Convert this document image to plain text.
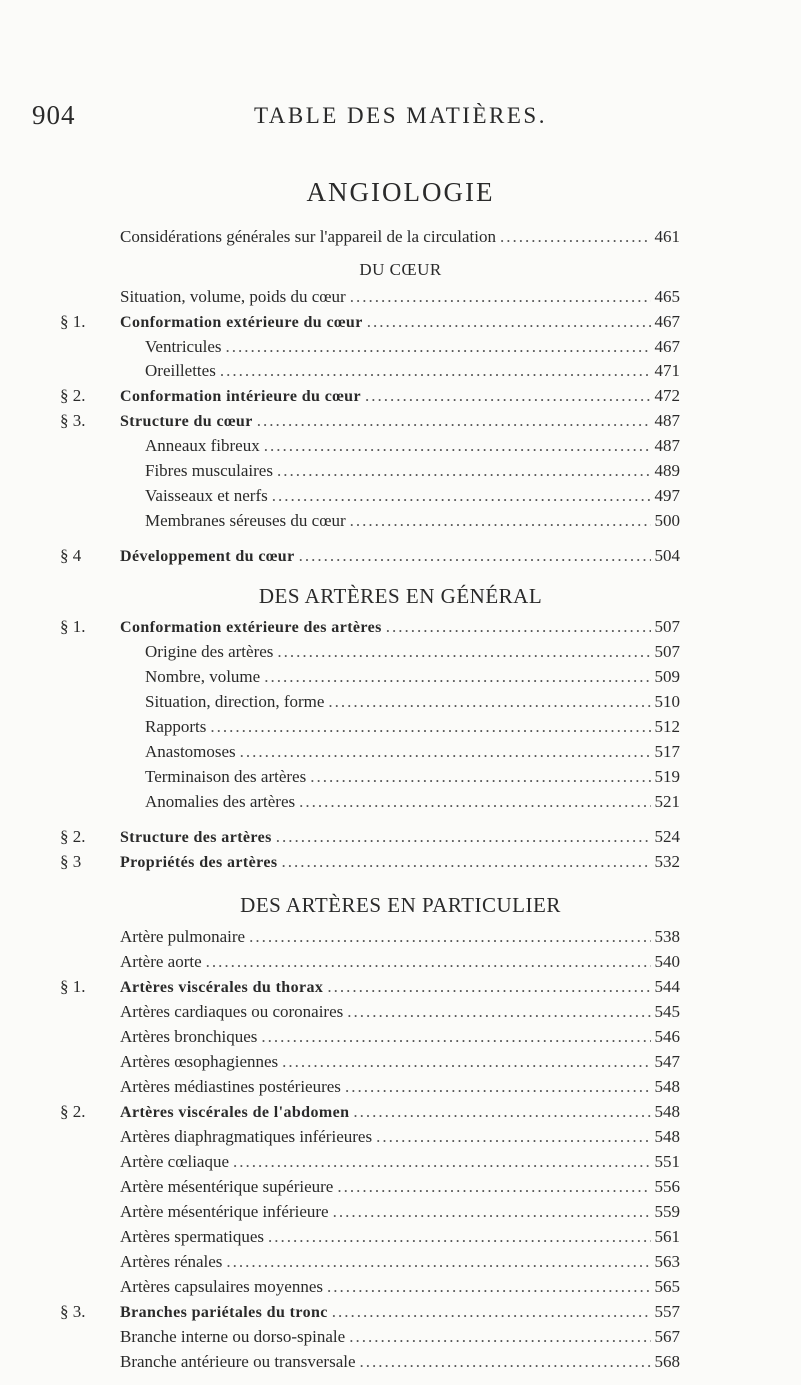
904	TABLE DES MATIÈRES.
ANGIOLOGIE
Considérations générales sur l'appareil de la circulation .....	461
Situation, volume, poids du cœur .....	465
§ 1.	Conformation extérieure du cœur .....	467
Ventricules .....	467
Oreillettes .....	471
§ 2.	Conformation intérieure du cœur .....	472
§ 3.	Structure du cœur .....	487
Anneaux fibreux .....	487
Fibres musculaires .....	489
Vaisseaux et nerfs .....	497
Membranes séreuses du cœur .....	500
§ 4	Développement du cœur .....	504
§ 1.	Conformation extérieure des artères .....	507
Origine des artères .....	507
Nombre, volume .....	509
Situation, direction, forme .....	510
Rapports .....	512
Anastomoses .....	517
Terminaison des artères .....	519
Anomalies des artères .....	521
§ 2.	Structure des artères .....	524
§ 3	Propriétés des artères .....	532
Artère pulmonaire .....	538
Artère aorte .....	540
§ 1.	Artères viscérales du thorax .....	544
Artères cardiaques ou coronaires .....	545
Artères bronchiques .....	546
Artères œsophagiennes .....	547
Artères médiastines postérieures .....	548
§ 2.	Artères viscérales de l'abdomen .....	548
Artères diaphragmatiques inférieures .....	548
Artère cœliaque .....	551
Artère mésentérique supérieure .....	556
Artère mésentérique inférieure .....	559
Artères spermatiques .....	561
Artères rénales .....	563
Artères capsulaires moyennes .....	565
§ 3.	Branches pariétales du tronc .....	557
Branche interne ou dorso-spinale .....	567
Branche antérieure ou transversale .....	568
DU CŒUR
DES ARTÈRES EN GÉNÉRAL
DES ARTÈRES EN PARTICULIER
